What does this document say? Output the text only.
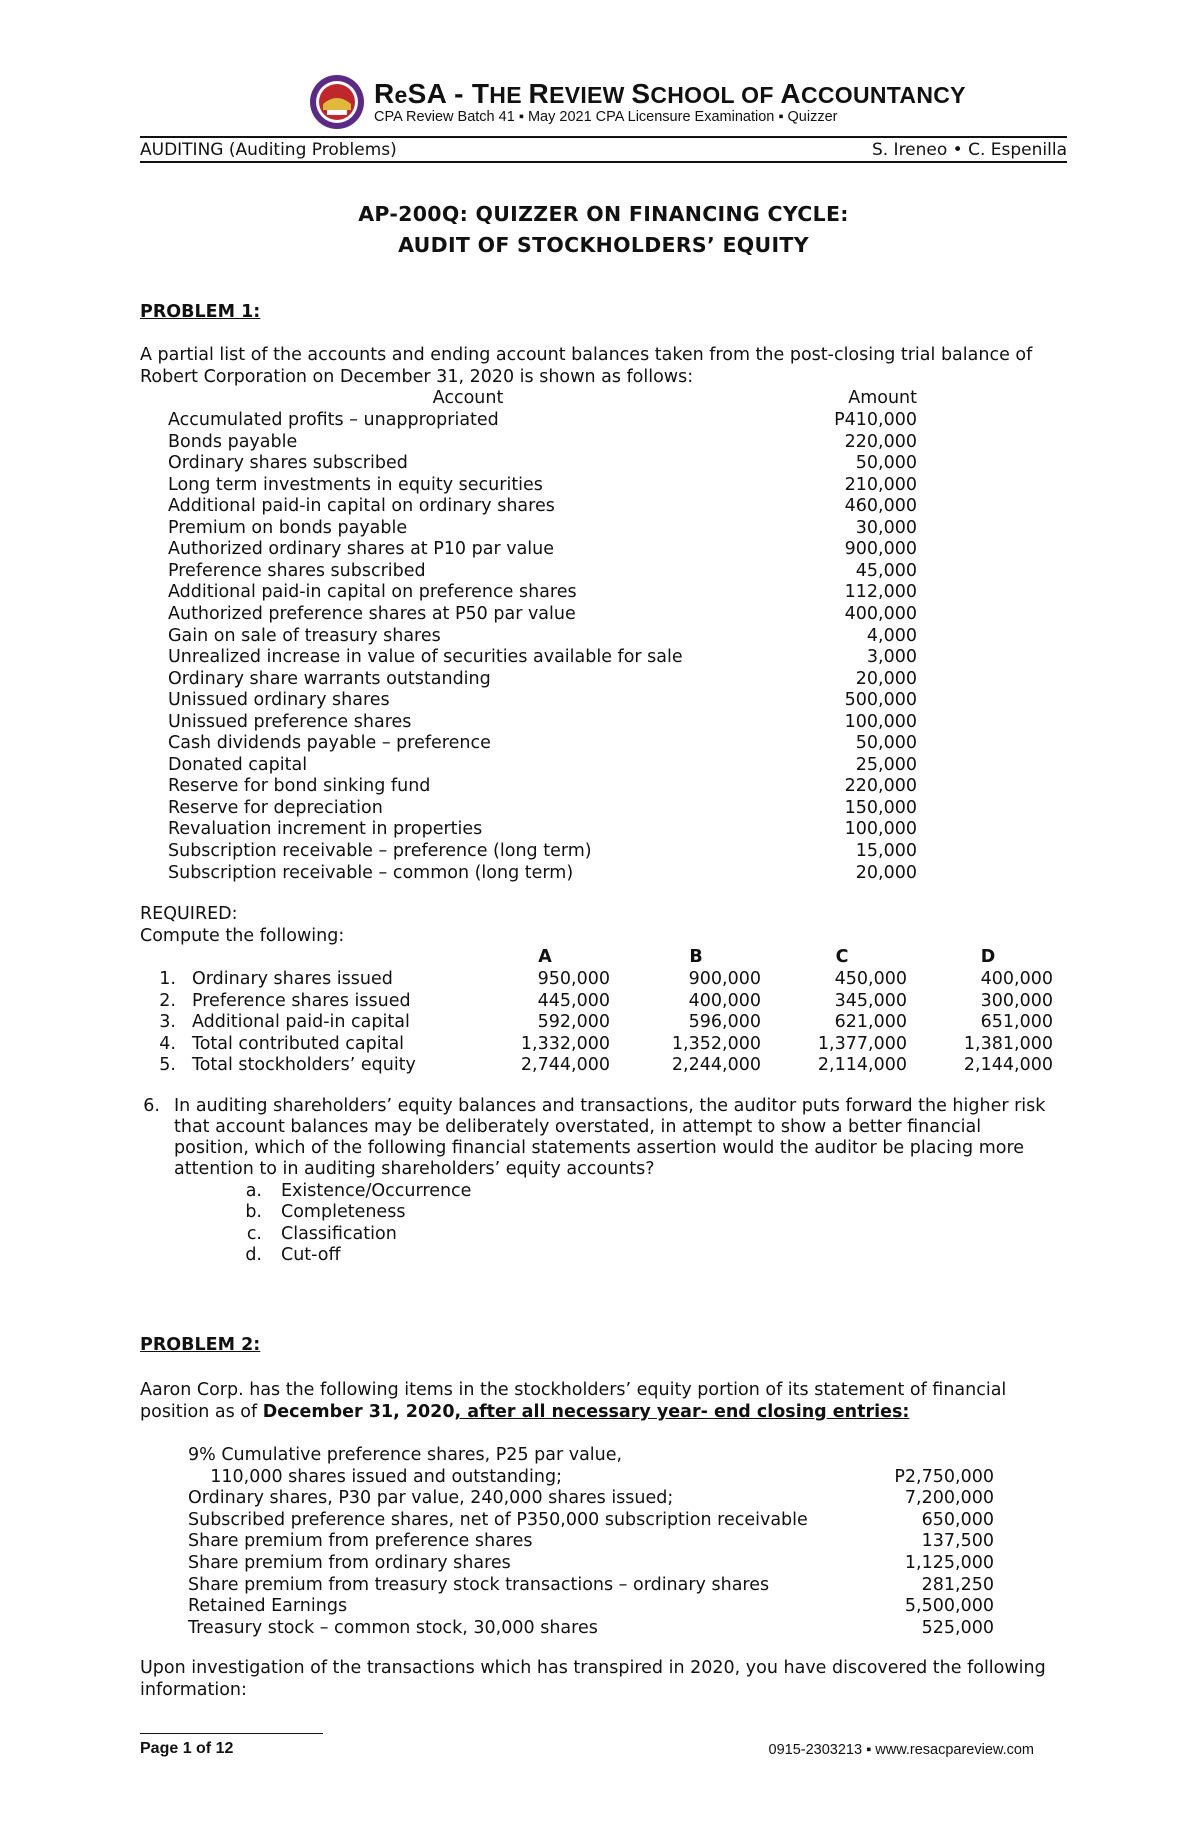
ReSA - THE REVIEW SCHOOL OF ACCOUNTANCY
CPA Review Batch 41 ▪ May 2021 CPA Licensure Examination ▪ Quizzer
AUDITING (Auditing Problems)	S. Ireneo • C. Espenilla
AP-200Q: QUIZZER ON FINANCING CYCLE:
AUDIT OF STOCKHOLDERS’ EQUITY
PROBLEM 1:
A partial list of the accounts and ending account balances taken from the post-closing trial balance of
Robert Corporation on December 31, 2020 is shown as follows:
Account	Amount
Accumulated profits – unappropriated	P410,000
Bonds payable	220,000
Ordinary shares subscribed	50,000
Long term investments in equity securities	210,000
Additional paid-in capital on ordinary shares	460,000
Premium on bonds payable	30,000
Authorized ordinary shares at P10 par value	900,000
Preference shares subscribed	45,000
Additional paid-in capital on preference shares	112,000
Authorized preference shares at P50 par value	400,000
Gain on sale of treasury shares	4,000
Unrealized increase in value of securities available for sale	3,000
Ordinary share warrants outstanding	20,000
Unissued ordinary shares	500,000
Unissued preference shares	100,000
Cash dividends payable – preference	50,000
Donated capital	25,000
Reserve for bond sinking fund	220,000
Reserve for depreciation	150,000
Revaluation increment in properties	100,000
Subscription receivable – preference (long term)	15,000
Subscription receivable – common (long term)	20,000
REQUIRED:
Compute the following:
A	B	C	D
1. Ordinary shares issued	950,000	900,000	450,000	400,000
2. Preference shares issued	445,000	400,000	345,000	300,000
3. Additional paid-in capital	592,000	596,000	621,000	651,000
4. Total contributed capital	1,332,000	1,352,000	1,377,000	1,381,000
5. Total stockholders’ equity	2,744,000	2,244,000	2,114,000	2,144,000
6. In auditing shareholders’ equity balances and transactions, the auditor puts forward the higher risk
that account balances may be deliberately overstated, in attempt to show a better financial
position, which of the following financial statements assertion would the auditor be placing more
attention to in auditing shareholders’ equity accounts?
a. Existence/Occurrence
b. Completeness
c. Classification
d. Cut-off
PROBLEM 2:
Aaron Corp. has the following items in the stockholders’ equity portion of its statement of financial
position as of December 31, 2020, after all necessary year- end closing entries:
9% Cumulative preference shares, P25 par value,
110,000 shares issued and outstanding;	P2,750,000
Ordinary shares, P30 par value, 240,000 shares issued;	7,200,000
Subscribed preference shares, net of P350,000 subscription receivable	650,000
Share premium from preference shares	137,500
Share premium from ordinary shares	1,125,000
Share premium from treasury stock transactions – ordinary shares	281,250
Retained Earnings	5,500,000
Treasury stock – common stock, 30,000 shares	525,000
Upon investigation of the transactions which has transpired in 2020, you have discovered the following
information:
Page 1 of 12	0915-2303213 ▪ www.resacpareview.com
